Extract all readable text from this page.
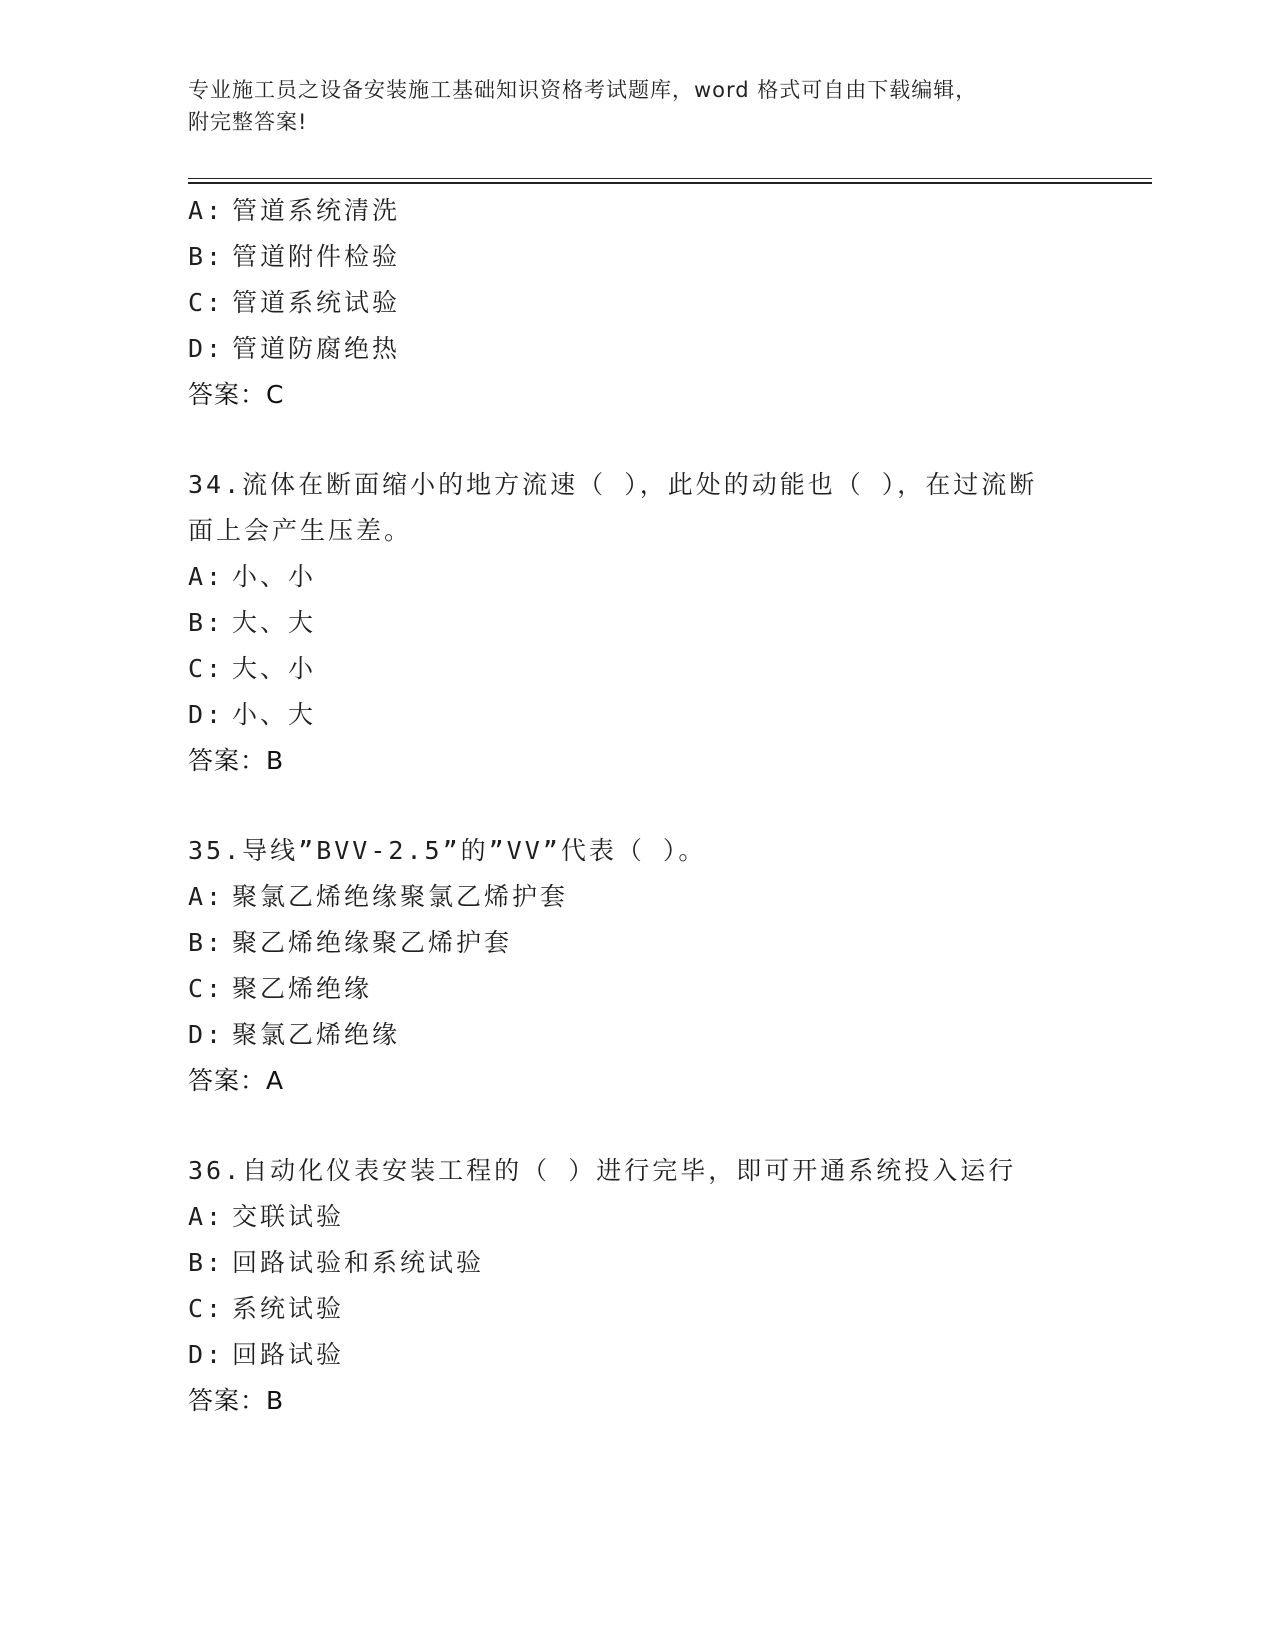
专业施工员之设备安装施工基础知识资格考试题库，word 格式可自由下载编辑，
附完整答案!
A: 管道系统清洗
B: 管道附件检验
C: 管道系统试验
D: 管道防腐绝热
答案：C
34.流体在断面缩小的地方流速（ ），此处的动能也（ ），在过流断
面上会产生压差。
A: 小、小
B: 大、大
C: 大、小
D: 小、大
答案：B
35.导线”BVV-2.5”的”VV”代表（ ）。
A: 聚氯乙烯绝缘聚氯乙烯护套
B: 聚乙烯绝缘聚乙烯护套
C: 聚乙烯绝缘
D: 聚氯乙烯绝缘
答案：A
36.自动化仪表安装工程的（ ）进行完毕，即可开通系统投入运行
A: 交联试验
B: 回路试验和系统试验
C: 系统试验
D: 回路试验
答案：B
